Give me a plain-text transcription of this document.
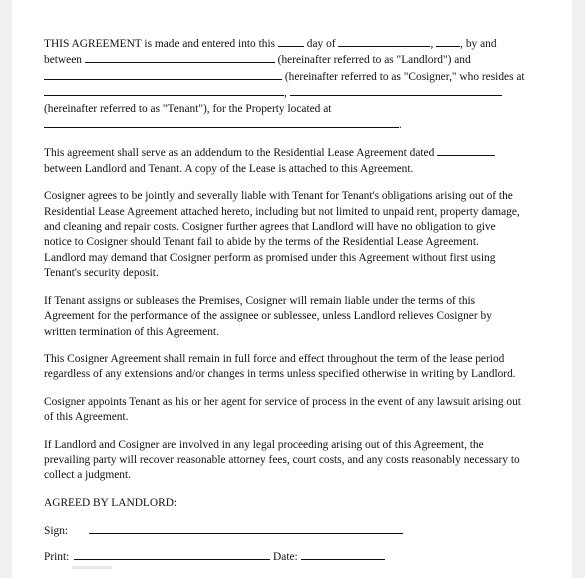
THIS AGREEMENT is made and entered into this	day of	, , by and
between	(hereinafter referred to as "Landlord") and
(hereinafter referred to as "Cosigner," who resides at
,
(hereinafter referred to as "Tenant"), for the Property located at
.
This agreement shall serve as an addendum to the Residential Lease Agreement dated
between Landlord and Tenant. A copy of the Lease is attached to this Agreement.
Cosigner agrees to be jointly and severally liable with Tenant for Tenant's obligations arising out of the
Residential Lease Agreement attached hereto, including but not limited to unpaid rent, property damage,
and cleaning and repair costs. Cosigner further agrees that Landlord will have no obligation to give
notice to Cosigner should Tenant fail to abide by the terms of the Residential Lease Agreement.
Landlord may demand that Cosigner perform as promised under this Agreement without first using
Tenant's security deposit.
If Tenant assigns or subleases the Premises, Cosigner will remain liable under the terms of this
Agreement for the performance of the assignee or sublessee, unless Landlord relieves Cosigner by
written termination of this Agreement.
This Cosigner Agreement shall remain in full force and effect throughout the term of the lease period
regardless of any extensions and/or changes in terms unless specified otherwise in writing by Landlord.
Cosigner appoints Tenant as his or her agent for service of process in the event of any lawsuit arising out
of this Agreement.
If Landlord and Cosigner are involved in any legal proceeding arising out of this Agreement, the
prevailing party will recover reasonable attorney fees, court costs, and any costs reasonably necessary to
collect a judgment.
AGREED BY LANDLORD:
Sign:
Print:	Date:
